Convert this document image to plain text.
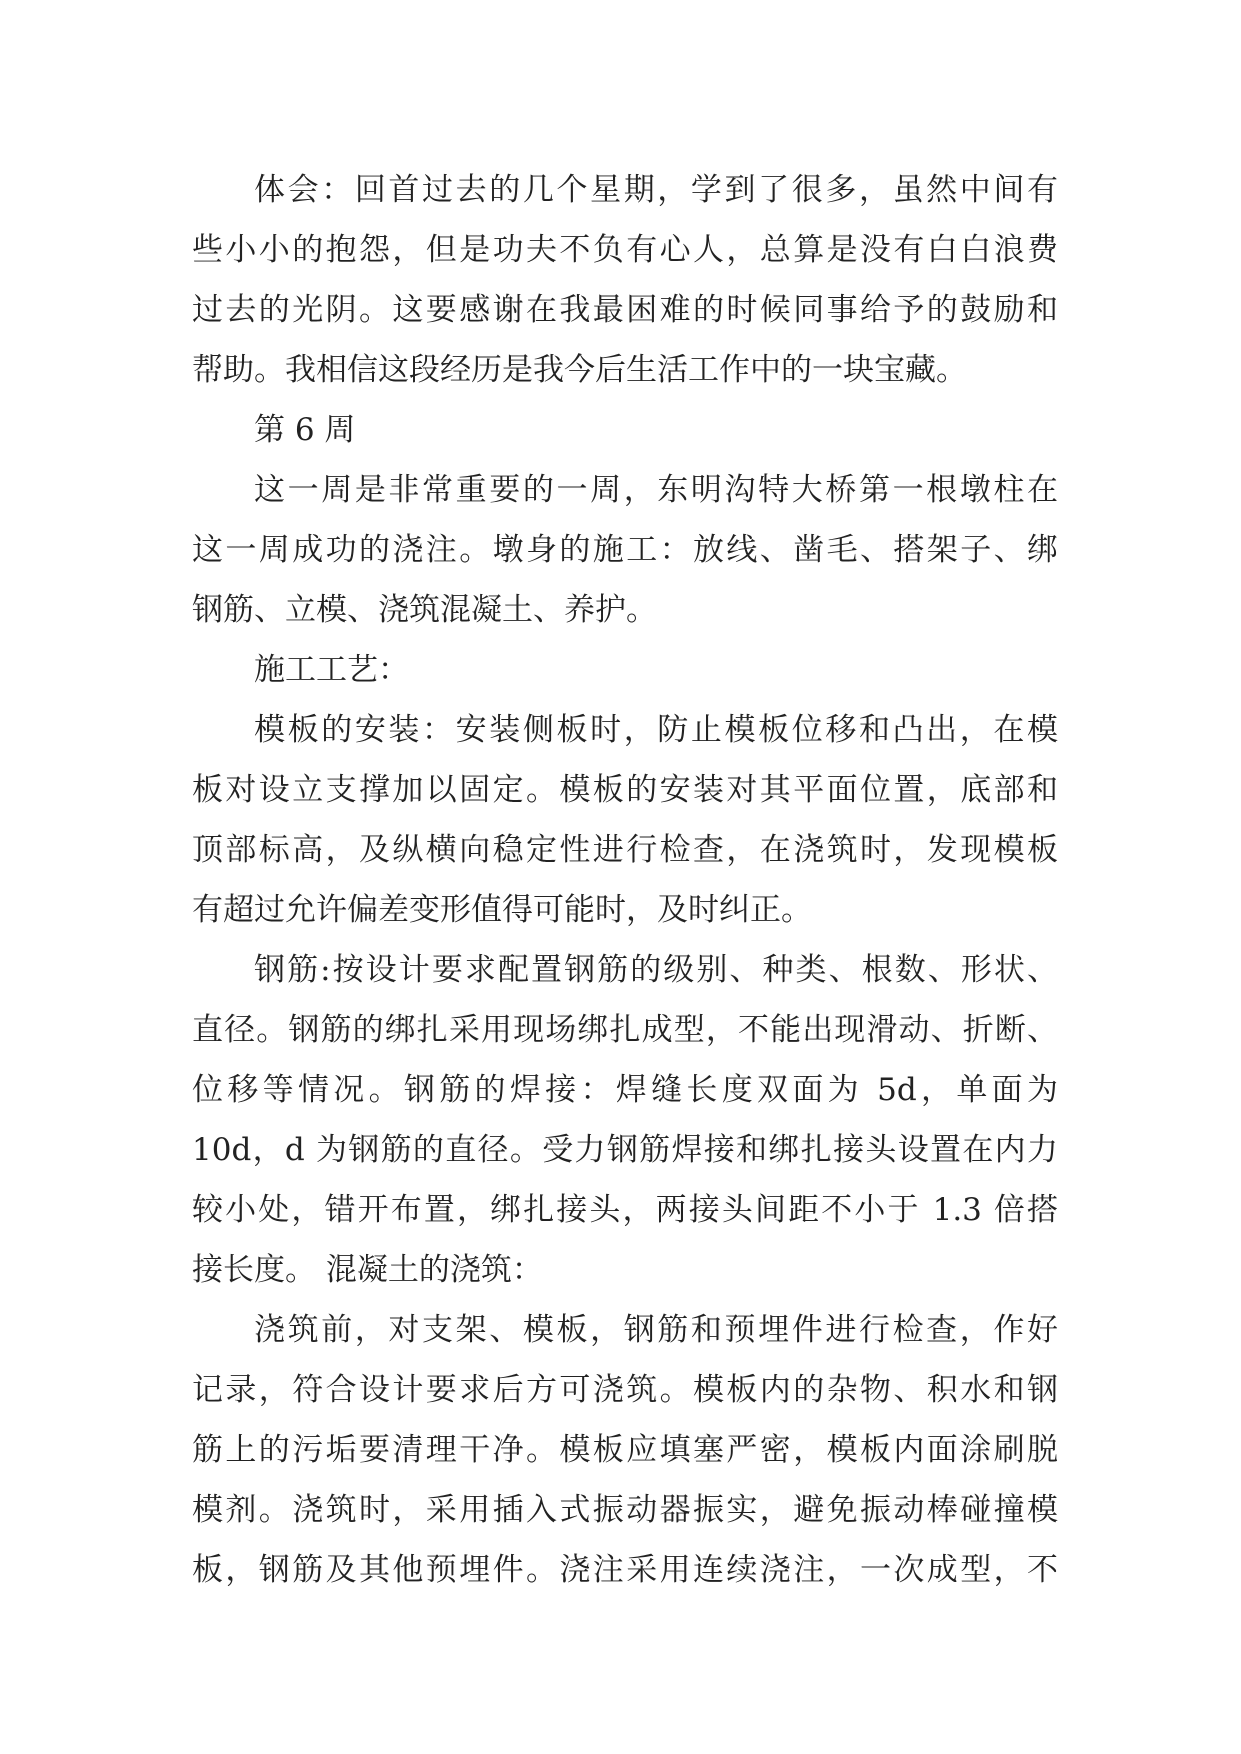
体会：回首过去的几个星期，学到了很多，虽然中间有
些小小的抱怨，但是功夫不负有心人，总算是没有白白浪费
过去的光阴。这要感谢在我最困难的时候同事给予的鼓励和
帮助。我相信这段经历是我今后生活工作中的一块宝藏。
第 6 周
这一周是非常重要的一周，东明沟特大桥第一根墩柱在
这一周成功的浇注。墩身的施工：放线、凿毛、搭架子、绑
钢筋、立模、浇筑混凝土、养护。
施工工艺：
模板的安装：安装侧板时，防止模板位移和凸出，在模
板对设立支撑加以固定。模板的安装对其平面位置，底部和
顶部标高，及纵横向稳定性进行检查，在浇筑时，发现模板
有超过允许偏差变形值得可能时，及时纠正。
钢筋:按设计要求配置钢筋的级别、种类、根数、形状、
直径。钢筋的绑扎采用现场绑扎成型，不能出现滑动、折断、
位移等情况。钢筋的焊接：焊缝长度双面为 5d，单面为
10d，d 为钢筋的直径。受力钢筋焊接和绑扎接头设置在内力
较小处，错开布置，绑扎接头，两接头间距不小于 1.3 倍搭
接长度。 混凝土的浇筑：
浇筑前，对支架、模板，钢筋和预埋件进行检查，作好
记录，符合设计要求后方可浇筑。模板内的杂物、积水和钢
筋上的污垢要清理干净。模板应填塞严密，模板内面涂刷脱
模剂。浇筑时，采用插入式振动器振实，避免振动棒碰撞模
板，钢筋及其他预埋件。浇注采用连续浇注，一次成型，不
